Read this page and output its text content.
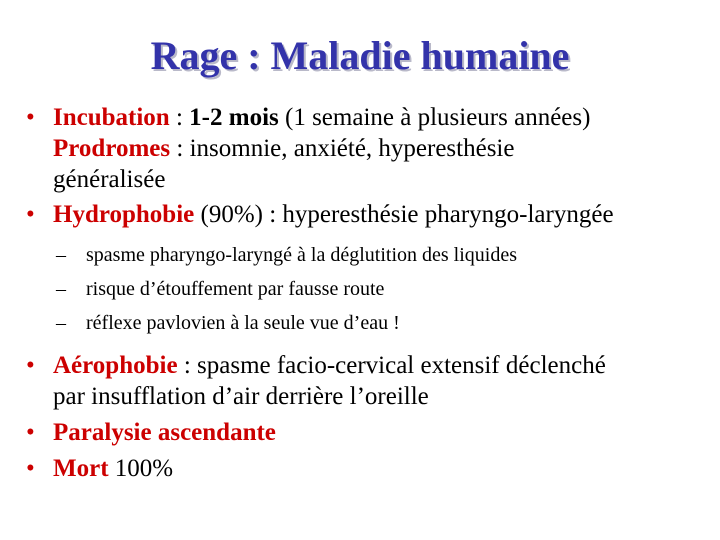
Rage : Maladie humaine
• Incubation : 1-2 mois (1 semaine à plusieurs années)
Prodromes : insomnie, anxiété, hyperesthésie
généralisée
• Hydrophobie (90%) : hyperesthésie pharyngo-laryngée
– spasme pharyngo-laryngé à la déglutition des liquides
– risque d’étouffement par fausse route
– réflexe pavlovien à la seule vue d’eau !
• Aérophobie : spasme facio-cervical extensif déclenché
par insufflation d’air derrière l’oreille
• Paralysie ascendante
• Mort 100%
